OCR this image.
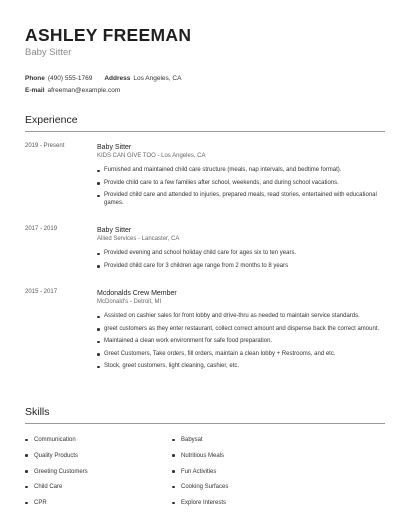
ASHLEY FREEMAN
Baby Sitter
Phone (490) 555-1769 Address Los Angeles, CA
E-mail afreeman@example.com
Experience
2019 - Present	Baby Sitter
KIDS CAN GIVE TOO - Los Angeles, CA
Furnished and maintained child care structure (meals, nap intervals, and bedtime format).
Provide child care to a few families after school, weekends, and during school vacations.
Provided child care and attended to injuries, prepared meals, read stories, entertained with educational games.
2017 - 2019	Baby Sitter
Allied Services - Lancaster, CA
Provided evening and school holiday child care for ages six to ten years.
Provided child care for 3 children age range from 2 months to 8 years
2015 - 2017	Mcdonalds Crew Member
McDonald's - Detroit, MI
Assisted on cashier sales for front lobby and drive-thru as needed to maintain service standards.
greet customers as they enter restaurant, collect correct amount and dispense back the correct amount.
Maintained a clean work environment for safe food preparation.
Greet Customers, Take orders, fill orders, maintain a clean lobby + Restrooms, and etc.
Stock, greet customers, light cleaning, cashier, etc.
Skills
Communication
Quality Products
Greeting Customers
Child Care
CPR
Babysat
Nutritious Meals
Fun Activities
Cooking Surfaces
Explore Interests
